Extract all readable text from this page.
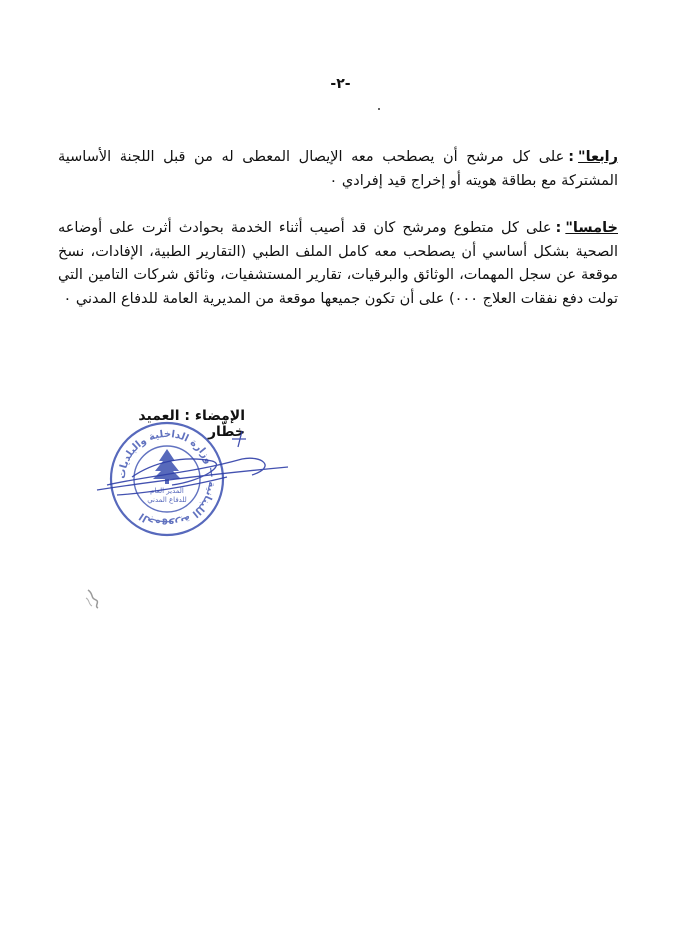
-٢-
رابعا":على كل مرشح أن يصطحب معه الإيصال المعطى له من قبل اللجنة الأساسية المشتركة مع بطاقة هويته أو إخراج قيد إفرادي ٠
خامسا":على كل متطوع ومرشح كان قد أصيب أثناء الخدمة بحوادث أثرت على أوضاعه الصحية بشكل أساسي أن يصطحب معه كامل الملف الطبي (التقارير الطبية، الإفادات، نسخ موقعة عن سجل المهمات، الوثائق والبرقيات، تقارير المستشفيات، وثائق شركات التامين التي تولت دفع نفقات العلاج ٠٠٠) على أن تكون جميعها موقعة من المديرية العامة للدفاع المدني ٠
الإمضاء : العميد خطّار
الجمهورية اللبنانية — وزارة الداخلية والبلديات
المدير العام
للدفاع المدني
